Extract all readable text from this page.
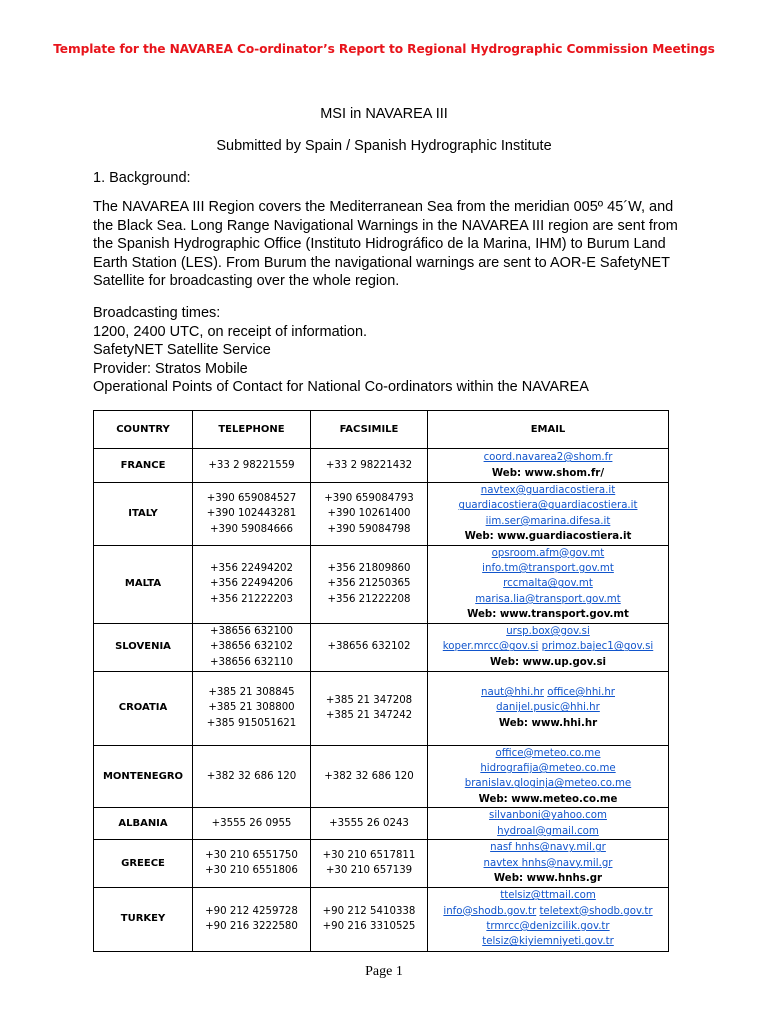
Template for the NAVAREA Co-ordinator’s Report to Regional Hydrographic Commission Meetings
MSI in NAVAREA III
Submitted by Spain / Spanish Hydrographic Institute
1. Background:
The NAVAREA III Region covers the Mediterranean Sea from the meridian 005º 45´W, and
the Black Sea. Long Range Navigational Warnings in the NAVAREA III region are sent from
the Spanish Hydrographic Office (Instituto Hidrográfico de la Marina, IHM) to Burum Land
Earth Station (LES). From Burum the navigational warnings are sent to AOR-E SafetyNET
Satellite for broadcasting over the whole region.
Broadcasting times:
1200, 2400 UTC, on receipt of information.
SafetyNET Satellite Service
Provider: Stratos Mobile
Operational Points of Contact for National Co-ordinators within the NAVAREA
COUNTRY	TELEPHONE	FACSIMILE	EMAIL
FRANCE	+33 2 98221559	+33 2 98221432	coord.navarea2@shom.fr
Web: www.shom.fr/

ITALY	+390 659084527
+390 102443281
+390 59084666	+390 659084793
+390 10261400
+390 59084798	navtex@guardiacostiera.it
guardiacostiera@guardiacostiera.it
iim.ser@marina.difesa.it
Web: www.guardiacostiera.it

MALTA	+356 22494202
+356 22494206
+356 21222203	+356 21809860
+356 21250365
+356 21222208	opsroom.afm@gov.mt
info.tm@transport.gov.mt
rccmalta@gov.mt
marisa.lia@transport.gov.mt
Web: www.transport.gov.mt

SLOVENIA	+38656 632100
+38656 632102
+38656 632110	+38656 632102	ursp.box@gov.si
koper.mrcc@gov.si primoz.bajec1@gov.si
Web: www.up.gov.si

CROATIA	+385 21 308845
+385 21 308800
+385 915051621	+385 21 347208
+385 21 347242	naut@hhi.hr office@hhi.hr
danijel.pusic@hhi.hr
Web: www.hhi.hr

MONTENEGRO	+382 32 686 120	+382 32 686 120	office@meteo.co.me
hidrografija@meteo.co.me
branislav.gloginja@meteo.co.me
Web: www.meteo.co.me

ALBANIA	+3555 26 0955	+3555 26 0243	silvanboni@yahoo.com
hydroal@gmail.com

GREECE	+30 210 6551750
+30 210 6551806	+30 210 6517811
+30 210 657139	nasf hnhs@navy.mil.gr
navtex hnhs@navy.mil.gr
Web: www.hnhs.gr

TURKEY	+90 212 4259728
+90 216 3222580	+90 212 5410338
+90 216 3310525	ttelsiz@ttmail.com
info@shodb.gov.tr teletext@shodb.gov.tr
trmrcc@denizcilik.gov.tr
telsiz@kiyiemniyeti.gov.tr
Page 1
